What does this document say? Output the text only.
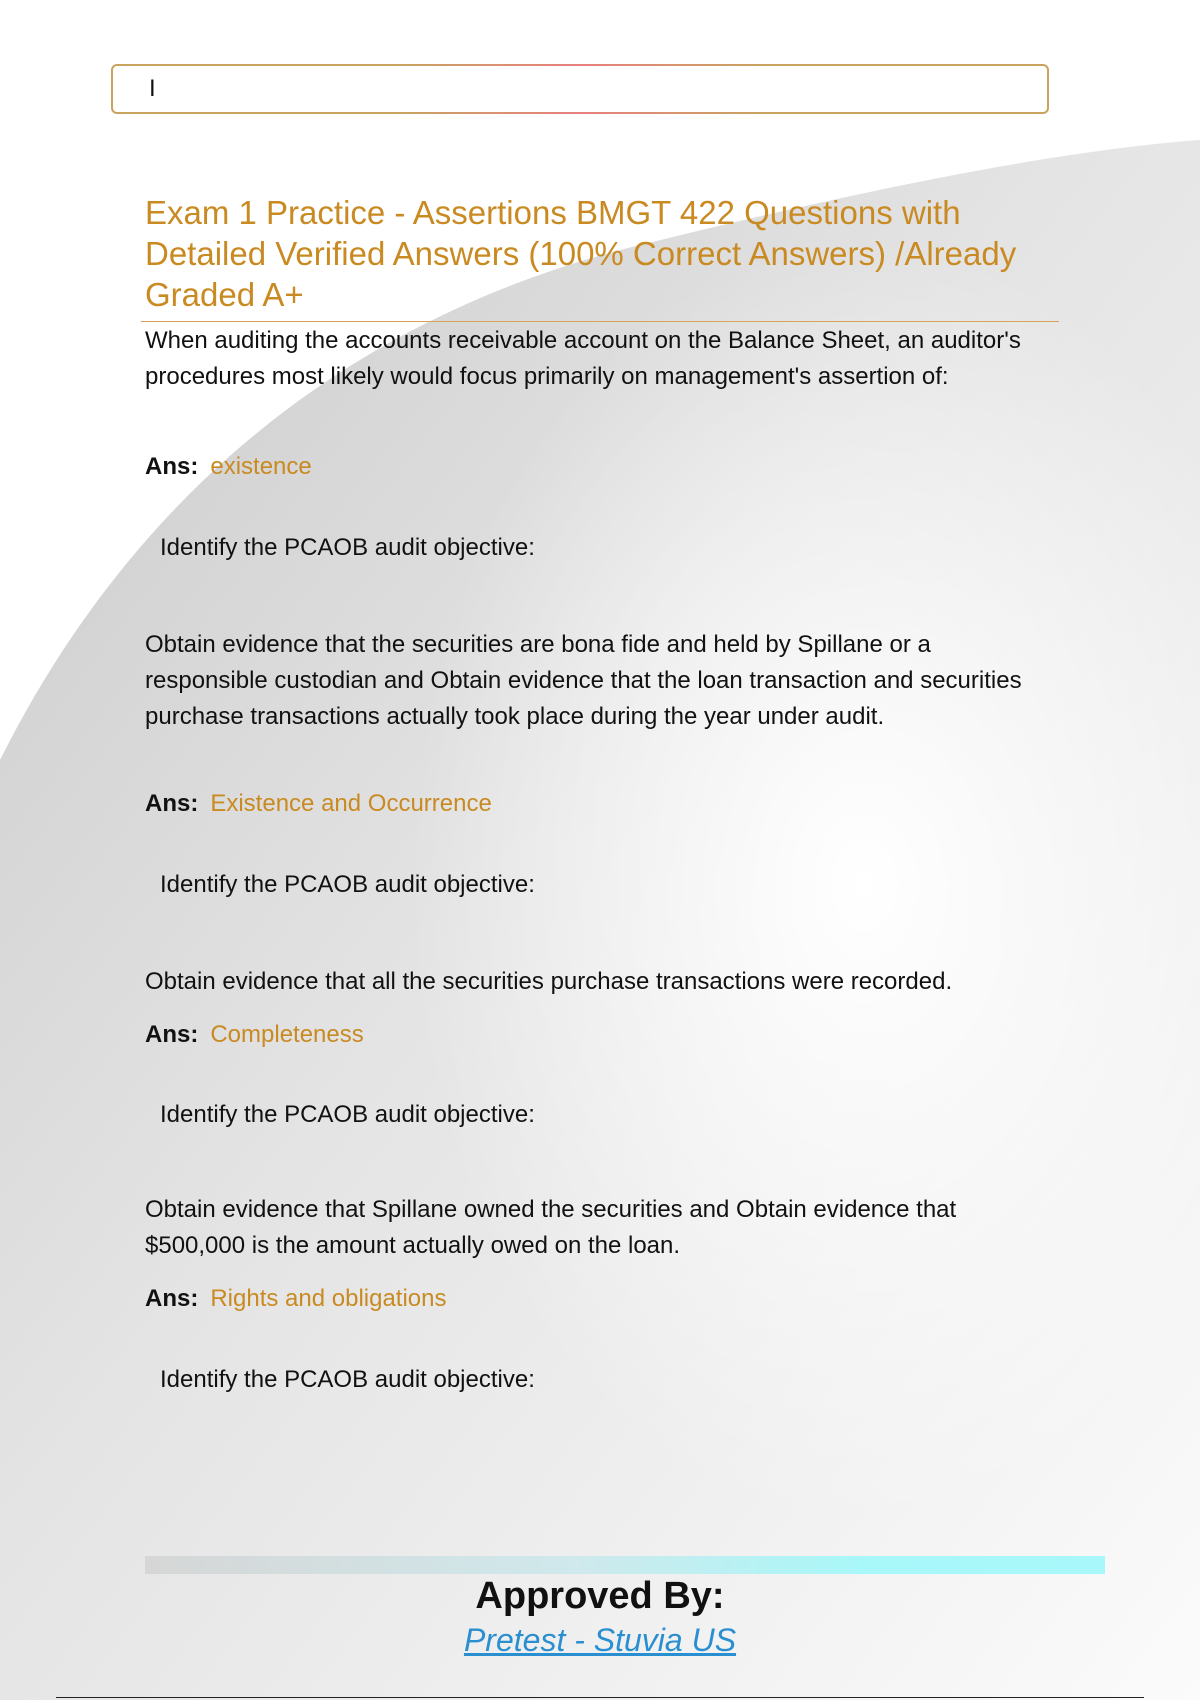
I
Exam 1 Practice - Assertions BMGT 422 Questions with Detailed Verified Answers (100% Correct Answers) /Already Graded A+

When auditing the accounts receivable account on the Balance Sheet, an auditor's procedures most likely would focus primarily on management's assertion of:

Ans: existence

Identify the PCAOB audit objective:

Obtain evidence that the securities are bona fide and held by Spillane or a responsible custodian and Obtain evidence that the loan transaction and securities purchase transactions actually took place during the year under audit.

Ans: Existence and Occurrence

Identify the PCAOB audit objective:

Obtain evidence that all the securities purchase transactions were recorded.

Ans: Completeness

Identify the PCAOB audit objective:

Obtain evidence that Spillane owned the securities and Obtain evidence that $500,000 is the amount actually owed on the loan.

Ans: Rights and obligations

Identify the PCAOB audit objective:

Approved By:

Pretest - Stuvia US
